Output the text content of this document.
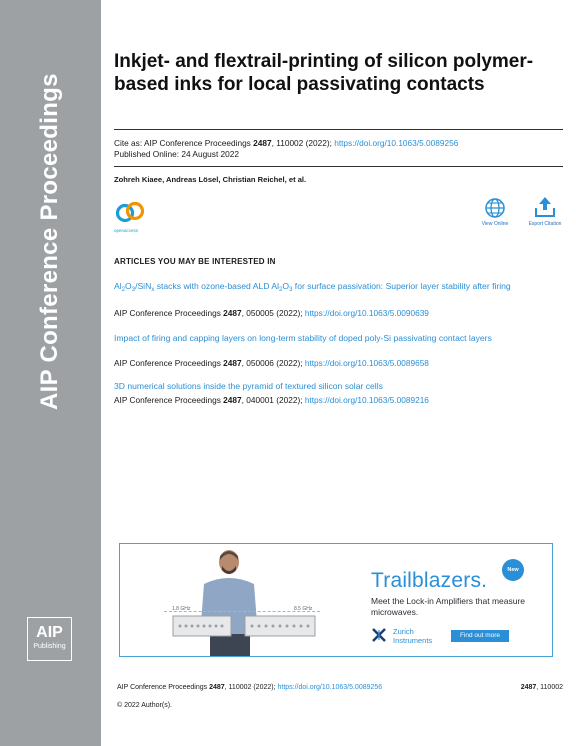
AIP Conference Proceedings
AIP
Publishing
Inkjet- and flextrail-printing of silicon polymer-based inks for local passivating contacts
Cite as: AIP Conference Proceedings 2487, 110002 (2022); https://doi.org/10.1063/5.0089256
Published Online: 24 August 2022
Zohreh Kiaee, Andreas Lösel, Christian Reichel, et al.
openaccess
View Online	Export Citation
ARTICLES YOU MAY BE INTERESTED IN
$Al_2O_3/SiN_x$ stacks with ozone-based ALD $Al_2O_3$ for surface passivation: Superior layer stability after firing
AIP Conference Proceedings 2487, 050005 (2022); https://doi.org/10.1063/5.0090639
Impact of firing and capping layers on long-term stability of doped poly-Si passivating contact layers
AIP Conference Proceedings 2487, 050006 (2022); https://doi.org/10.1063/5.0089658
3D numerical solutions inside the pyramid of textured silicon solar cells
AIP Conference Proceedings 2487, 040001 (2022); https://doi.org/10.1063/5.0089216
1.8 GHz	8.5 GHz
Trailblazers.	New
Meet the Lock-in Amplifiers that measure microwaves.
Zurich
Instruments
Find out more
AIP Conference Proceedings 2487, 110002 (2022); https://doi.org/10.1063/5.0089256	2487, 110002
© 2022 Author(s).
